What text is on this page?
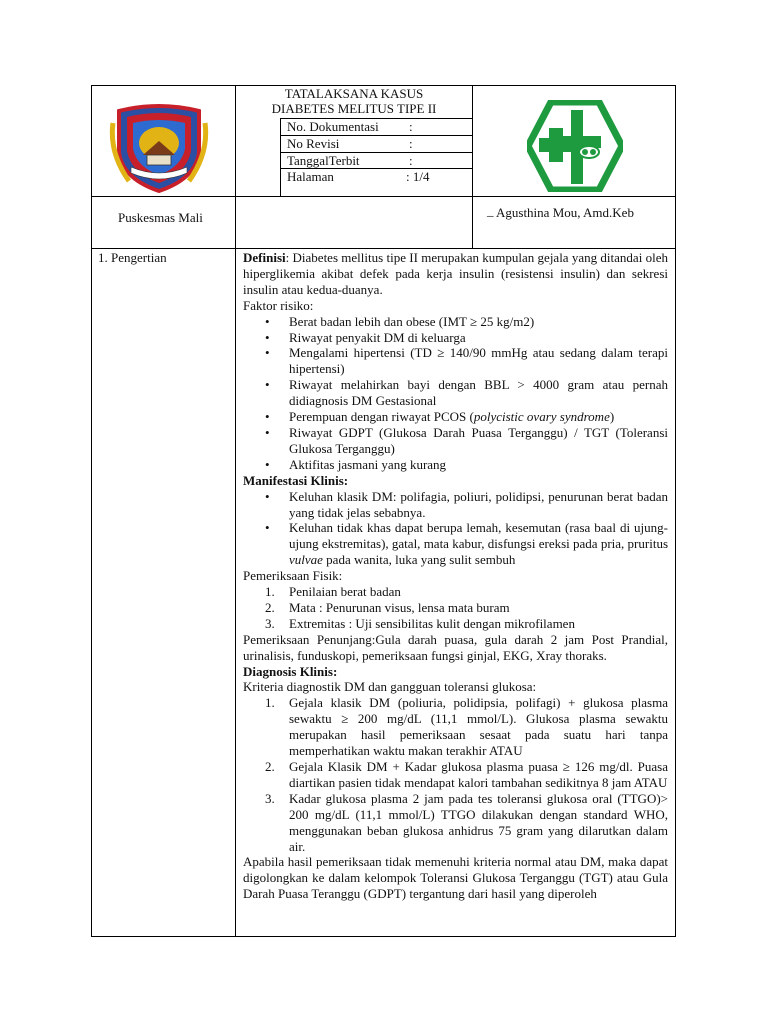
TATALAKSANA KASUS
DIABETES MELITUS TIPE II
No. Dokumentasi :
No Revisi	:
TanggalTerbit	:
Halaman	: 1/4
Puskesmas Mali	_ Agusthina Mou, Amd.Keb
1. Pengertian	Definisi: Diabetes mellitus tipe II merupakan kumpulan gejala yang ditandai oleh hiperglikemia akibat defek pada kerja insulin (resistensi insulin) dan sekresi insulin atau kedua-duanya.

Faktor risiko:

• Berat badan lebih dan obese (IMT ≥ 25 kg/m2)
• Riwayat penyakit DM di keluarga
• Mengalami hipertensi (TD ≥ 140/90 mmHg atau sedang dalam terapi hipertensi)
• Riwayat melahirkan bayi dengan BBL > 4000 gram atau pernah didiagnosis DM Gestasional
• Perempuan dengan riwayat PCOS (polycistic ovary syndrome)
• Riwayat GDPT (Glukosa Darah Puasa Terganggu) / TGT (Toleransi Glukosa Terganggu)
• Aktifitas jasmani yang kurang

Manifestasi Klinis:

• Keluhan klasik DM: polifagia, poliuri, polidipsi, penurunan berat badan yang tidak jelas sebabnya.
• Keluhan tidak khas dapat berupa lemah, kesemutan (rasa baal di ujung-ujung ekstremitas), gatal, mata kabur, disfungsi ereksi pada pria, pruritus vulvae pada wanita, luka yang sulit sembuh

Pemeriksaan Fisik:

1. Penilaian berat badan
2. Mata : Penurunan visus, lensa mata buram
3. Extremitas : Uji sensibilitas kulit dengan mikrofilamen

Pemeriksaan Penunjang:Gula darah puasa, gula darah 2 jam Post Prandial, urinalisis, funduskopi, pemeriksaan fungsi ginjal, EKG, Xray thoraks.

Diagnosis Klinis:

Kriteria diagnostik DM dan gangguan toleransi glukosa:

1. Gejala klasik DM (poliuria, polidipsia, polifagi) + glukosa plasma sewaktu ≥ 200 mg/dL (11,1 mmol/L). Glukosa plasma sewaktu merupakan hasil pemeriksaan sesaat pada suatu hari tanpa memperhatikan waktu makan terakhir ATAU
2. Gejala Klasik DM + Kadar glukosa plasma puasa ≥ 126 mg/dl. Puasa diartikan pasien tidak mendapat kalori tambahan sedikitnya 8 jam ATAU
3. Kadar glukosa plasma 2 jam pada tes toleransi glukosa oral (TTGO)> 200 mg/dL (11,1 mmol/L) TTGO dilakukan dengan standard WHO, menggunakan beban glukosa anhidrus 75 gram yang dilarutkan dalam air.

Apabila hasil pemeriksaan tidak memenuhi kriteria normal atau DM, maka dapat digolongkan ke dalam kelompok Toleransi Glukosa Terganggu (TGT) atau Gula Darah Puasa Teranggu (GDPT) tergantung dari hasil yang diperoleh
